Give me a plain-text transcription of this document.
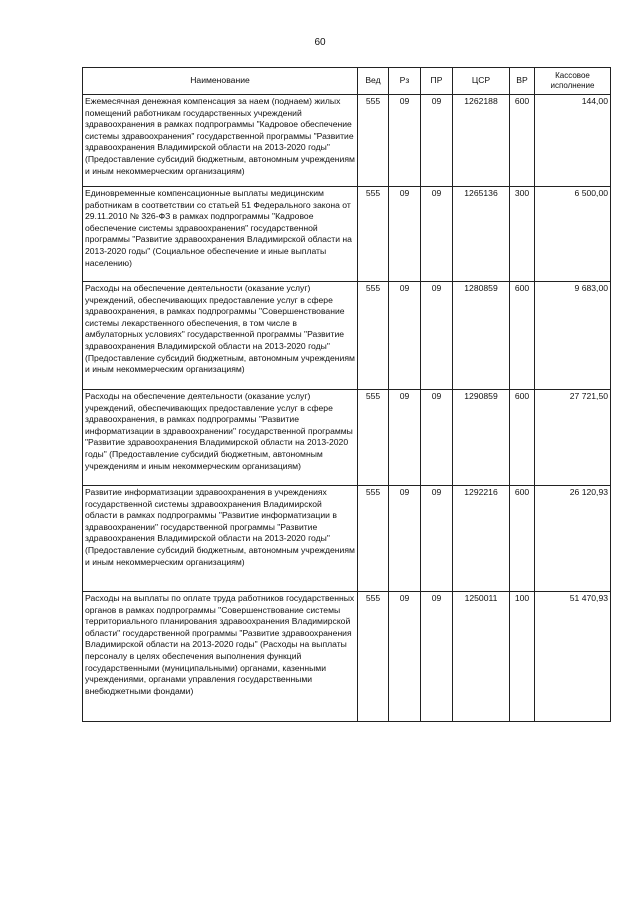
60
Наименование	Вед	Рз	ПР	ЦСР	ВР	Кассовое исполнение
Ежемесячная денежная компенсация за наем (поднаем) жилых помещений работникам государственных учреждений здравоохранения в рамках подпрограммы "Кадровое обеспечение системы здравоохранения" государственной программы "Развитие здравоохранения Владимирской области на 2013-2020 годы" (Предоставление субсидий бюджетным, автономным учреждениям и иным некоммерческим организациям)	555	09	09	1262188	600	144,00
Единовременные компенсационные выплаты медицинским работникам в соответствии со статьей 51 Федерального закона от 29.11.2010 № 326-ФЗ в рамках подпрограммы "Кадровое обеспечение системы здравоохранения" государственной программы "Развитие здравоохранения Владимирской области на 2013-2020 годы" (Социальное обеспечение и иные выплаты населению)	555	09	09	1265136	300	6 500,00
Расходы на обеспечение деятельности (оказание услуг) учреждений, обеспечивающих предоставление услуг в сфере здравоохранения, в рамках подпрограммы "Совершенствование системы лекарственного обеспечения, в том числе в амбулаторных условиях" государственной программы "Развитие здравоохранения Владимирской области на 2013-2020 годы" (Предоставление субсидий бюджетным, автономным учреждениям и иным некоммерческим организациям)	555	09	09	1280859	600	9 683,00
Расходы на обеспечение деятельности (оказание услуг) учреждений, обеспечивающих предоставление услуг в сфере здравоохранения, в рамках подпрограммы "Развитие информатизации в здравоохранении" государственной программы "Развитие здравоохранения Владимирской области на 2013-2020 годы" (Предоставление субсидий бюджетным, автономным учреждениям и иным некоммерческим организациям)	555	09	09	1290859	600	27 721,50
Развитие информатизации здравоохранения в учреждениях государственной системы здравоохранения Владимирской области в рамках подпрограммы "Развитие информатизации в здравоохранении" государственной программы "Развитие здравоохранения Владимирской области на 2013-2020 годы" (Предоставление субсидий бюджетным, автономным учреждениям и иным некоммерческим организациям)	555	09	09	1292216	600	26 120,93
Расходы на выплаты по оплате труда работников государственных органов в рамках подпрограммы "Совершенствование системы территориального планирования здравоохранения Владимирской области" государственной программы "Развитие здравоохранения Владимирской области на 2013-2020 годы" (Расходы на выплаты персоналу в целях обеспечения выполнения функций государственными (муниципальными) органами, казенными учреждениями, органами управления государственными внебюджетными фондами)	555	09	09	1250011	100	51 470,93
